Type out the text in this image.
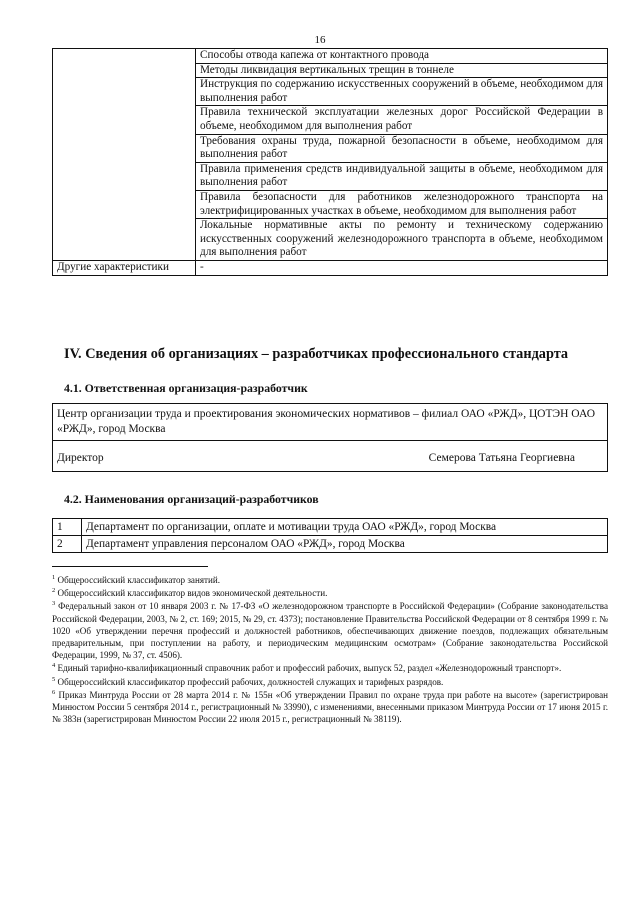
16
	Способы отвода капежа от контактного провода
	Методы ликвидация вертикальных трещин в тоннеле
	Инструкция по содержанию искусственных сооружений в объеме, необходимом для выполнения работ
	Правила технической эксплуатации железных дорог Российской Федерации в объеме, необходимом для выполнения работ
	Требования охраны труда, пожарной безопасности в объеме, необходимом для выполнения работ
	Правила применения средств индивидуальной защиты в объеме, необходимом для выполнения работ
	Правила безопасности для работников железнодорожного транспорта на электрифицированных участках в объеме, необходимом для выполнения работ
	Локальные нормативные акты по ремонту и техническому содержанию искусственных сооружений железнодорожного транспорта в объеме, необходимом для выполнения работ
Другие характеристики	-
IV. Сведения об организациях – разработчиках профессионального стандарта
4.1. Ответственная организация-разработчик
Центр организации труда и проектирования экономических нормативов – филиал ОАО «РЖД», ЦОТЭН ОАО «РЖД», город Москва
Директор	Семерова Татьяна Георгиевна
4.2. Наименования организаций-разработчиков
1	Департамент по организации, оплате и мотивации труда ОАО «РЖД», город Москва
2	Департамент управления персоналом ОАО «РЖД», город Москва

$^1$ Общероссийский классификатор занятий.

$^2$ Общероссийский классификатор видов экономической деятельности.

$^3$ Федеральный закон от 10 января 2003 г. № 17-ФЗ «О железнодорожном транспорте в Российской Федерации» (Собрание законодательства Российской Федерации, 2003, № 2, ст. 169; 2015, № 29, ст. 4373); постановление Правительства Российской Федерации от 8 сентября 1999 г. № 1020 «Об утверждении перечня профессий и должностей работников, обеспечивающих движение поездов, подлежащих обязательным предварительным, при поступлении на работу, и периодическим медицинским осмотрам» (Собрание законодательства Российской Федерации, 1999, № 37, ст. 4506).

$^4$ Единый тарифно-квалификационный справочник работ и профессий рабочих, выпуск 52, раздел «Железнодорожный транспорт».

$^5$ Общероссийский классификатор профессий рабочих, должностей служащих и тарифных разрядов.

$^6$ Приказ Минтруда России от 28 марта 2014 г. № 155н «Об утверждении Правил по охране труда при работе на высоте» (зарегистрирован Минюстом России 5 сентября 2014 г., регистрационный № 33990), с изменениями, внесенными приказом Минтруда России от 17 июня 2015 г. № 383н (зарегистрирован Минюстом России 22 июля 2015 г., регистрационный № 38119).
